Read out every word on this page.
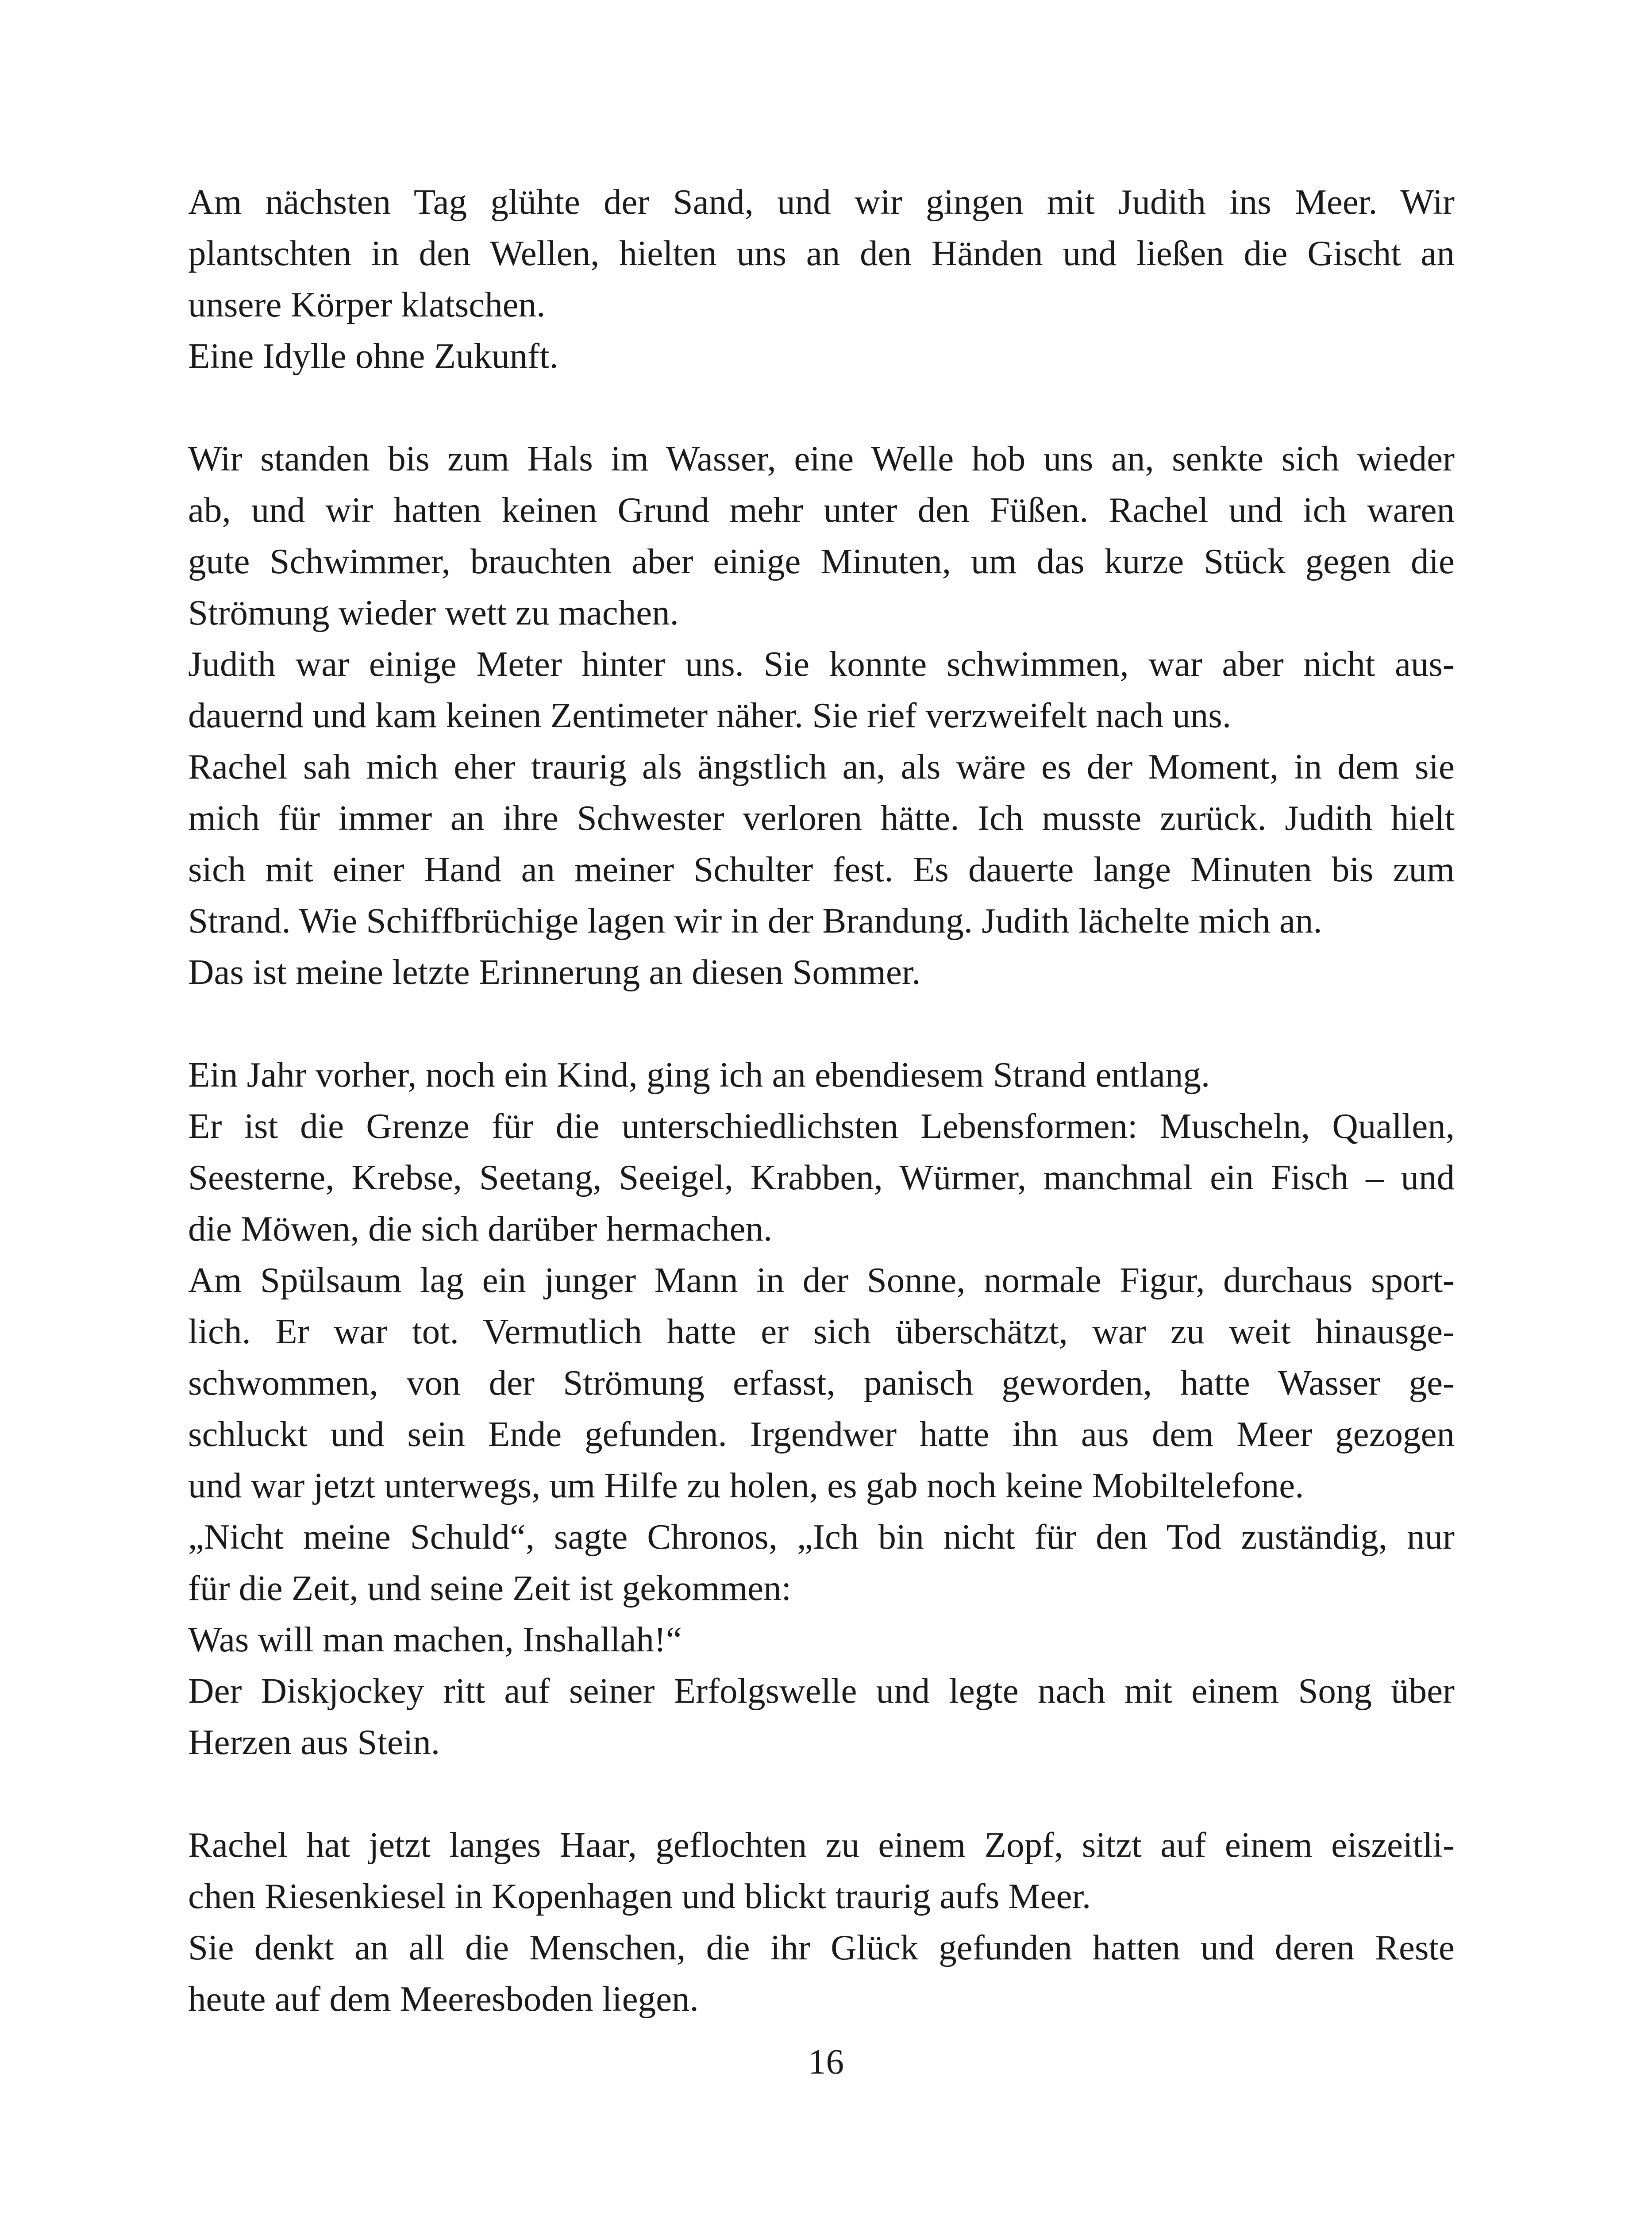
Am nächsten Tag glühte der Sand, und wir gingen mit Judith ins Meer. Wir
plantschten in den Wellen, hielten uns an den Händen und ließen die Gischt an
unsere Körper klatschen.
Eine Idylle ohne Zukunft.
Wir standen bis zum Hals im Wasser, eine Welle hob uns an, senkte sich wieder
ab, und wir hatten keinen Grund mehr unter den Füßen. Rachel und ich waren
gute Schwimmer, brauchten aber einige Minuten, um das kurze Stück gegen die
Strömung wieder wett zu machen.
Judith war einige Meter hinter uns. Sie konnte schwimmen, war aber nicht aus-
dauernd und kam keinen Zentimeter näher. Sie rief verzweifelt nach uns.
Rachel sah mich eher traurig als ängstlich an, als wäre es der Moment, in dem sie
mich für immer an ihre Schwester verloren hätte. Ich musste zurück. Judith hielt
sich mit einer Hand an meiner Schulter fest. Es dauerte lange Minuten bis zum
Strand. Wie Schiffbrüchige lagen wir in der Brandung. Judith lächelte mich an.
Das ist meine letzte Erinnerung an diesen Sommer.
Ein Jahr vorher, noch ein Kind, ging ich an ebendiesem Strand entlang.
Er ist die Grenze für die unterschiedlichsten Lebensformen: Muscheln, Quallen,
Seesterne, Krebse, Seetang, Seeigel, Krabben, Würmer, manchmal ein Fisch – und
die Möwen, die sich darüber hermachen.
Am Spülsaum lag ein junger Mann in der Sonne, normale Figur, durchaus sport-
lich. Er war tot. Vermutlich hatte er sich überschätzt, war zu weit hinausge-
schwommen, von der Strömung erfasst, panisch geworden, hatte Wasser ge-
schluckt und sein Ende gefunden. Irgendwer hatte ihn aus dem Meer gezogen
und war jetzt unterwegs, um Hilfe zu holen, es gab noch keine Mobiltelefone.
„Nicht meine Schuld“, sagte Chronos, „Ich bin nicht für den Tod zuständig, nur
für die Zeit, und seine Zeit ist gekommen:
Was will man machen, Inshallah!“
Der Diskjockey ritt auf seiner Erfolgswelle und legte nach mit einem Song über
Herzen aus Stein.
Rachel hat jetzt langes Haar, geflochten zu einem Zopf, sitzt auf einem eiszeitli-
chen Riesenkiesel in Kopenhagen und blickt traurig aufs Meer.
Sie denkt an all die Menschen, die ihr Glück gefunden hatten und deren Reste
heute auf dem Meeresboden liegen.
16
